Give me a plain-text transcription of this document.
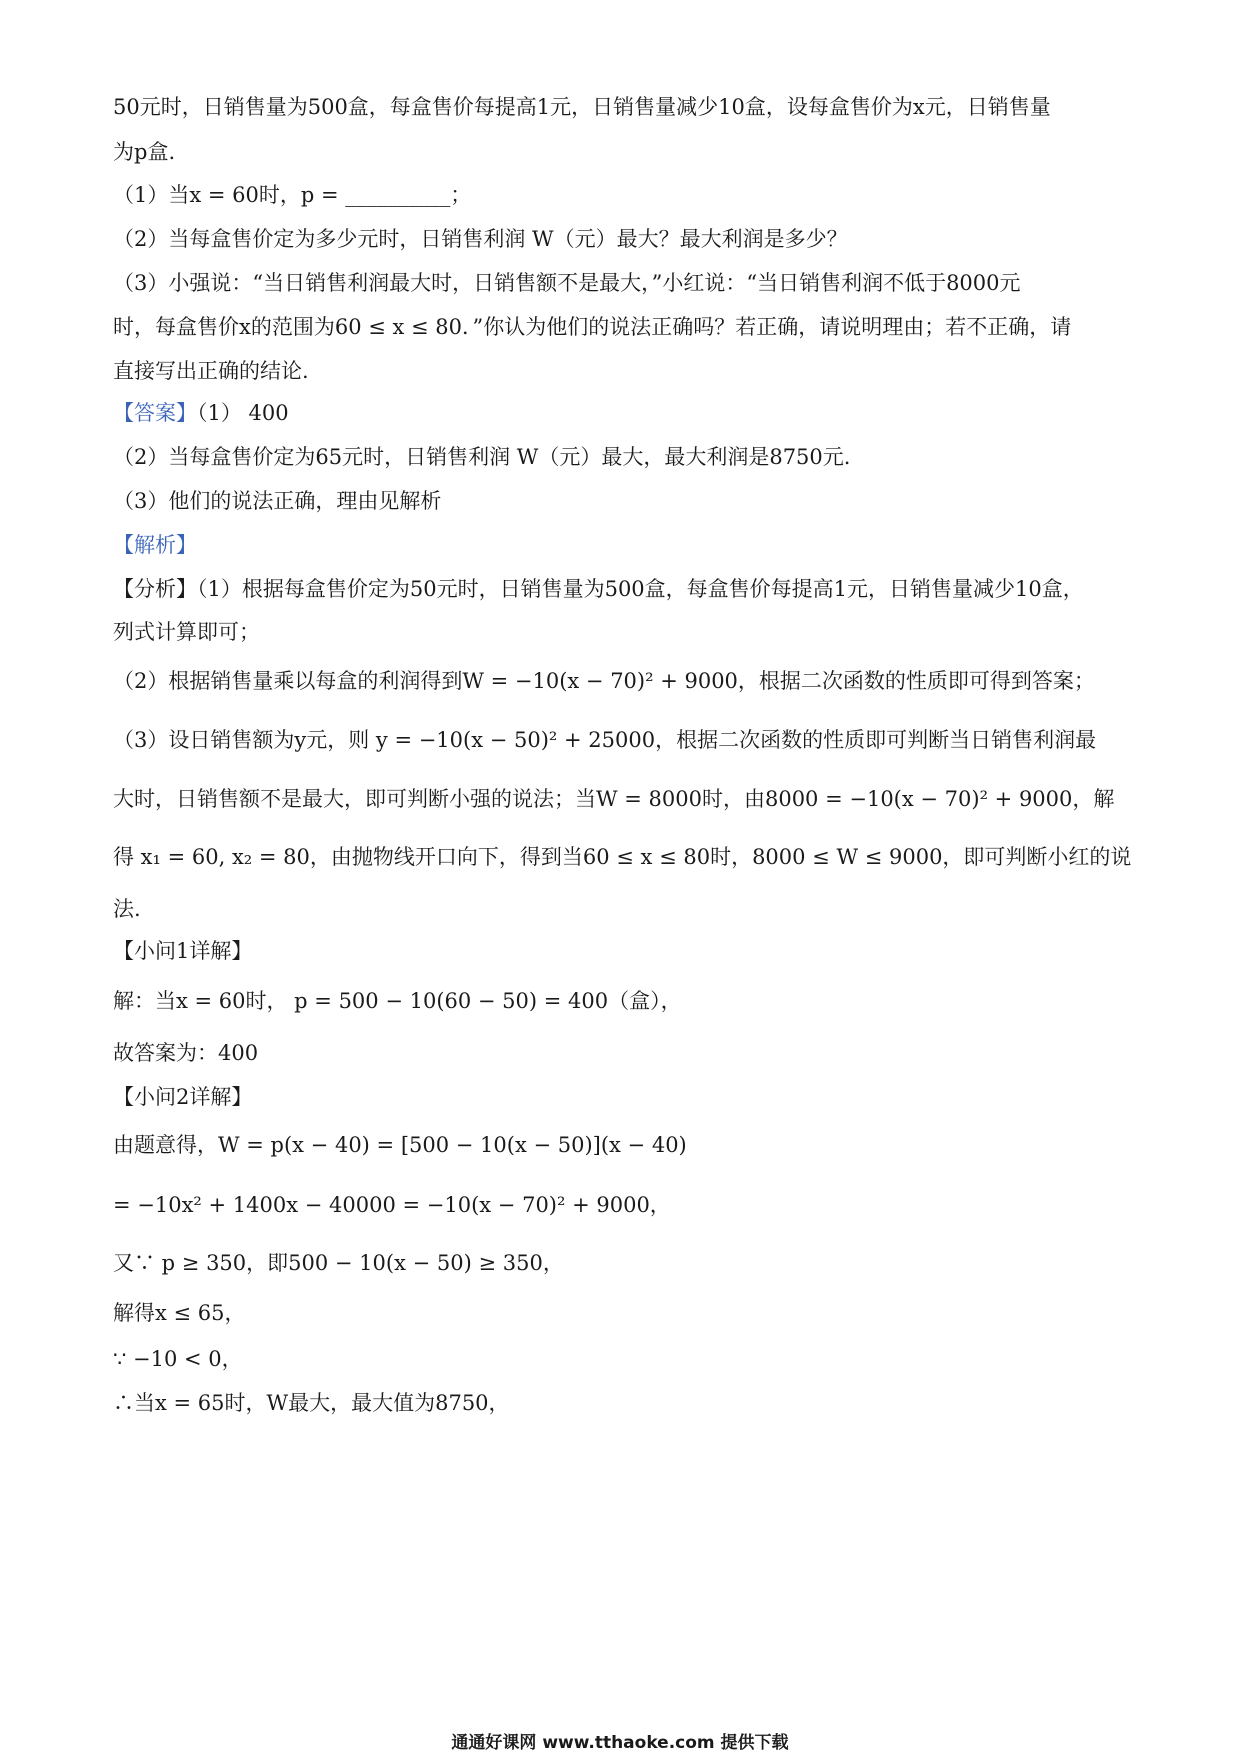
50元时，日销售量为500盒，每盒售价每提高1元，日销售量减少10盒，设每盒售价为x元，日销售量
为p盒.
（1）当x = 60时，p = __________；
（2）当每盒售价定为多少元时，日销售利润 W（元）最大？最大利润是多少？
（3）小强说：“当日销售利润最大时，日销售额不是最大，”小红说：“当日销售利润不低于8000元
时，每盒售价x的范围为60 ≤ x ≤ 80．”你认为他们的说法正确吗？若正确，请说明理由；若不正确，请
直接写出正确的结论.
【答案】（1） 400
（2）当每盒售价定为65元时，日销售利润 W（元）最大，最大利润是8750元.
（3）他们的说法正确，理由见解析
【解析】
【分析】（1）根据每盒售价定为50元时，日销售量为500盒，每盒售价每提高1元，日销售量减少10盒，
列式计算即可；
（2）根据销售量乘以每盒的利润得到W = −10(x − 70)² + 9000，根据二次函数的性质即可得到答案；
（3）设日销售额为y元，则 y = −10(x − 50)² + 25000，根据二次函数的性质即可判断当日销售利润最
大时，日销售额不是最大，即可判断小强的说法；当W = 8000时，由8000 = −10(x − 70)² + 9000，解
得 x₁ = 60, x₂ = 80，由抛物线开口向下，得到当60 ≤ x ≤ 80时，8000 ≤ W ≤ 9000，即可判断小红的说
法.
【小问1详解】
解：当x = 60时， p = 500 − 10(60 − 50) = 400（盒），
故答案为：400
【小问2详解】
由题意得，W = p(x − 40) = [500 − 10(x − 50)](x − 40)
= −10x² + 1400x − 40000 = −10(x − 70)² + 9000，
又∵ p ≥ 350，即500 − 10(x − 50) ≥ 350，
解得x ≤ 65，
∵ −10 < 0，
∴当x = 65时，W最大，最大值为8750，
通通好课网 www.tthaoke.com 提供下载
